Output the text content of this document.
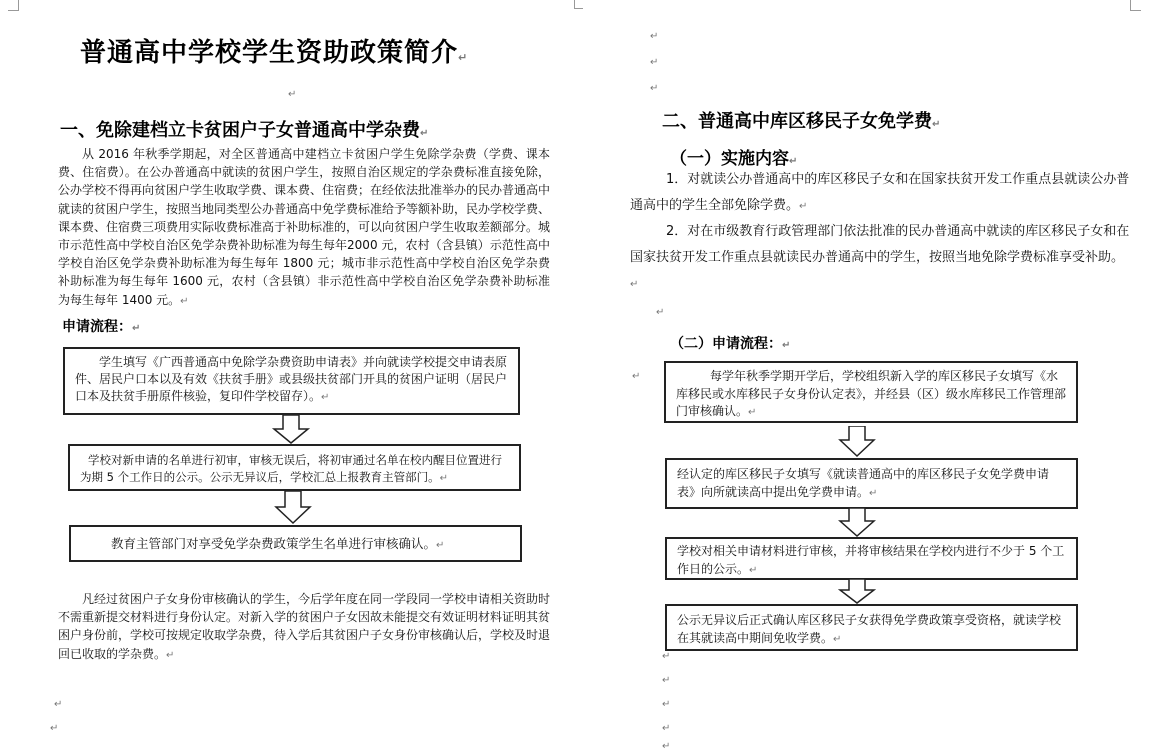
普通高中学校学生资助政策简介↵
↵
一、免除建档立卡贫困户子女普通高中学杂费↵
从 2016 年秋季学期起，对全区普通高中建档立卡贫困户学生免除学杂费（学费、课本费、住宿费）。在公办普通高中就读的贫困户学生，按照自治区规定的学杂费标准直接免除，公办学校不得再向贫困户学生收取学费、课本费、住宿费；在经依法批准举办的民办普通高中就读的贫困户学生，按照当地同类型公办普通高中免学费标准给予等额补助，民办学校学费、课本费、住宿费三项费用实际收费标准高于补助标准的，可以向贫困户学生收取差额部分。城市示范性高中学校自治区免学杂费补助标准为每生每年2000 元，农村（含县镇）示范性高中学校自治区免学杂费补助标准为每生每年 1800 元；城市非示范性高中学校自治区免学杂费补助标准为每生每年 1600 元，农村（含县镇）非示范性高中学校自治区免学杂费补助标准为每生每年 1400 元。↵
申请流程：↵
学生填写《广西普通高中免除学杂费资助申请表》并向就读学校提交申请表原件、居民户口本以及有效《扶贫手册》或县级扶贫部门开具的贫困户证明（居民户口本及扶贫手册原件核验，复印件学校留存）。↵
学校对新申请的名单进行初审，审核无误后，将初审通过名单在校内醒目位置进行为期 5 个工作日的公示。公示无异议后，学校汇总上报教育主管部门。↵
教育主管部门对享受免学杂费政策学生名单进行审核确认。↵
凡经过贫困户子女身份审核确认的学生，今后学年度在同一学段同一学校申请相关资助时不需重新提交材料进行身份认定。对新入学的贫困户子女因故未能提交有效证明材料证明其贫困户身份前，学校可按规定收取学杂费，待入学后其贫困户子女身份审核确认后，学校及时退回已收取的学杂费。↵
↵
↵
↵
↵
↵
二、普通高中库区移民子女免学费↵
（一）实施内容↵
1．对就读公办普通高中的库区移民子女和在国家扶贫开发工作重点县就读公办普通高中的学生全部免除学费。↵
2．对在市级教育行政管理部门依法批准的民办普通高中就读的库区移民子女和在国家扶贫开发工作重点县就读民办普通高中的学生，按照当地免除学费标准享受补助。↵
↵
（二）申请流程：↵
↵	每学年秋季学期开学后，学校组织新入学的库区移民子女填写《水库移民或水库移民子女身份认定表》，并经县（区）级水库移民工作管理部门审核确认。↵
经认定的库区移民子女填写《就读普通高中的库区移民子女免学费申请表》向所就读高中提出免学费申请。↵
学校对相关申请材料进行审核，并将审核结果在学校内进行不少于 5 个工作日的公示。↵
公示无异议后正式确认库区移民子女获得免学费政策享受资格，就读学校在其就读高中期间免收学费。↵
↵
↵
↵
↵
↵
